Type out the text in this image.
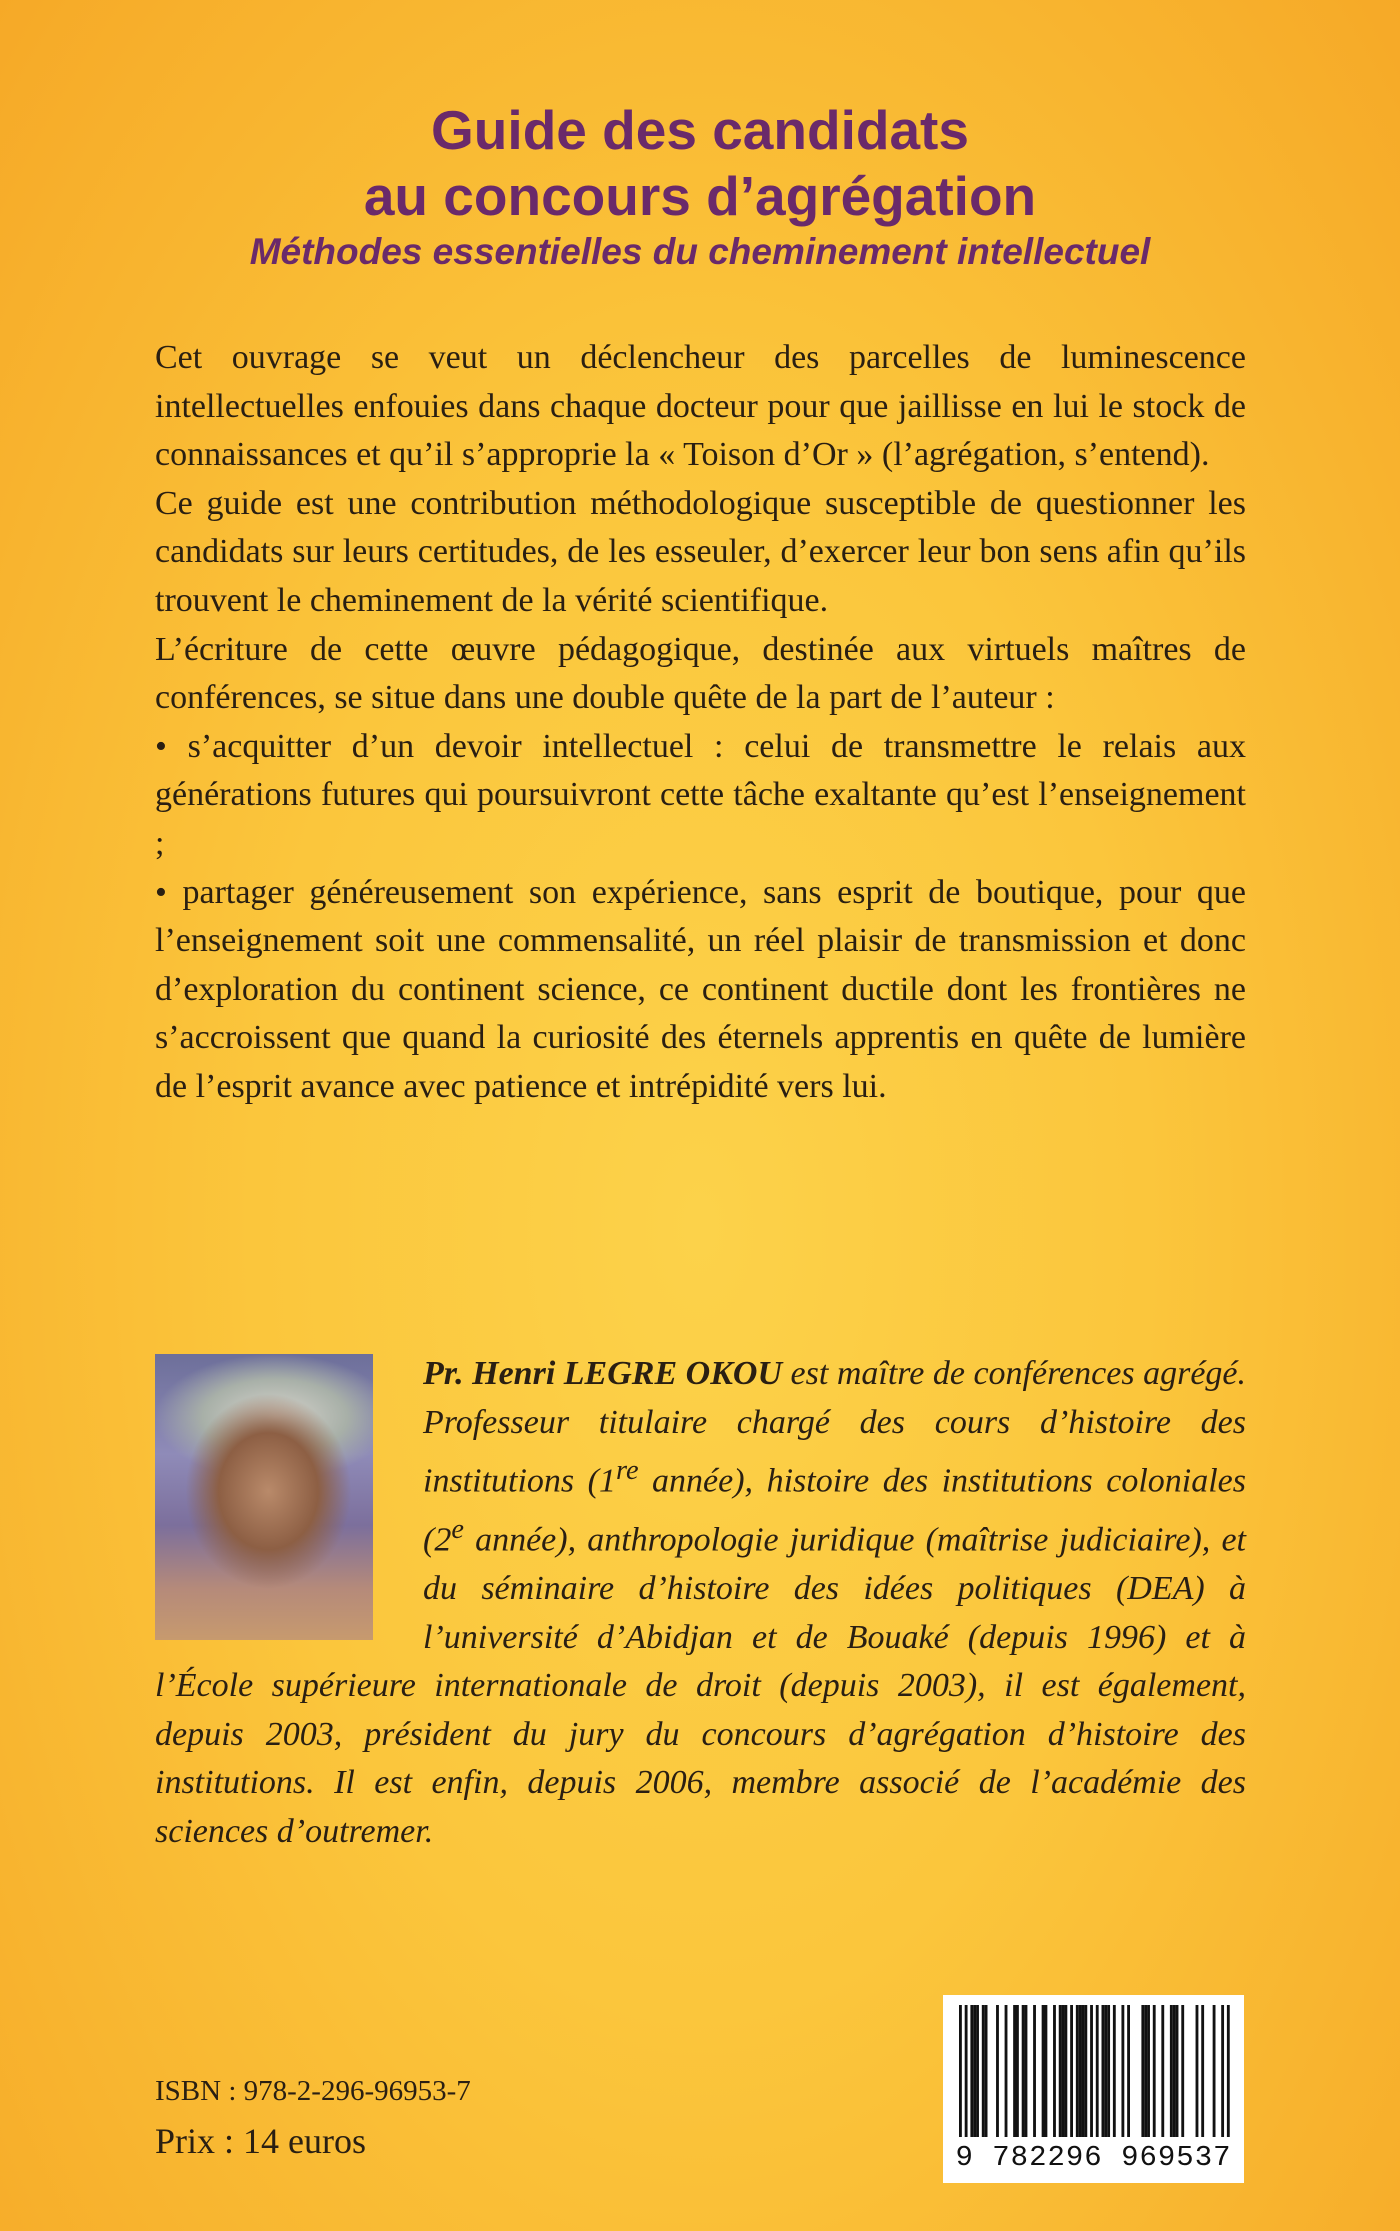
Guide des candidats
au concours d’agrégation
Méthodes essentielles du cheminement intellectuel

Cet ouvrage se veut un déclencheur des parcelles de luminescence intellectuelles enfouies dans chaque docteur pour que jaillisse en lui le stock de connaissances et qu’il s’approprie la « Toison d’Or » (l’agrégation, s’entend).

Ce guide est une contribution méthodologique susceptible de questionner les candidats sur leurs certitudes, de les esseuler, d’exercer leur bon sens afin qu’ils trouvent le cheminement de la vérité scientifique.

L’écriture de cette œuvre pédagogique, destinée aux virtuels maîtres de conférences, se situe dans une double quête de la part de l’auteur :

• s’acquitter d’un devoir intellectuel : celui de transmettre le relais aux générations futures qui poursuivront cette tâche exaltante qu’est l’enseignement ;

• partager généreusement son expérience, sans esprit de boutique, pour que l’enseignement soit une commensalité, un réel plaisir de transmission et donc d’exploration du continent science, ce continent ductile dont les frontières ne s’accroissent que quand la curiosité des éternels apprentis en quête de lumière de l’esprit avance avec patience et intrépidité vers lui.

Pr. Henri LEGRE OKOU est maître de conférences agrégé. Professeur titulaire chargé des cours d’histoire des institutions (1re année), histoire des institutions coloniales (2e année), anthropologie juridique (maîtrise judiciaire), et du séminaire d’histoire des idées politiques (DEA) à l’université d’Abidjan et de Bouaké (depuis 1996) et à l’École supérieure internationale de droit (depuis 2003), il est également, depuis 2003, président du jury du concours d’agrégation d’histoire des institutions. Il est enfin, depuis 2006, membre associé de l’académie des sciences d’outremer.

ISBN : 978-2-296-96953-7

Prix : 14 euros	9 782296 969537
